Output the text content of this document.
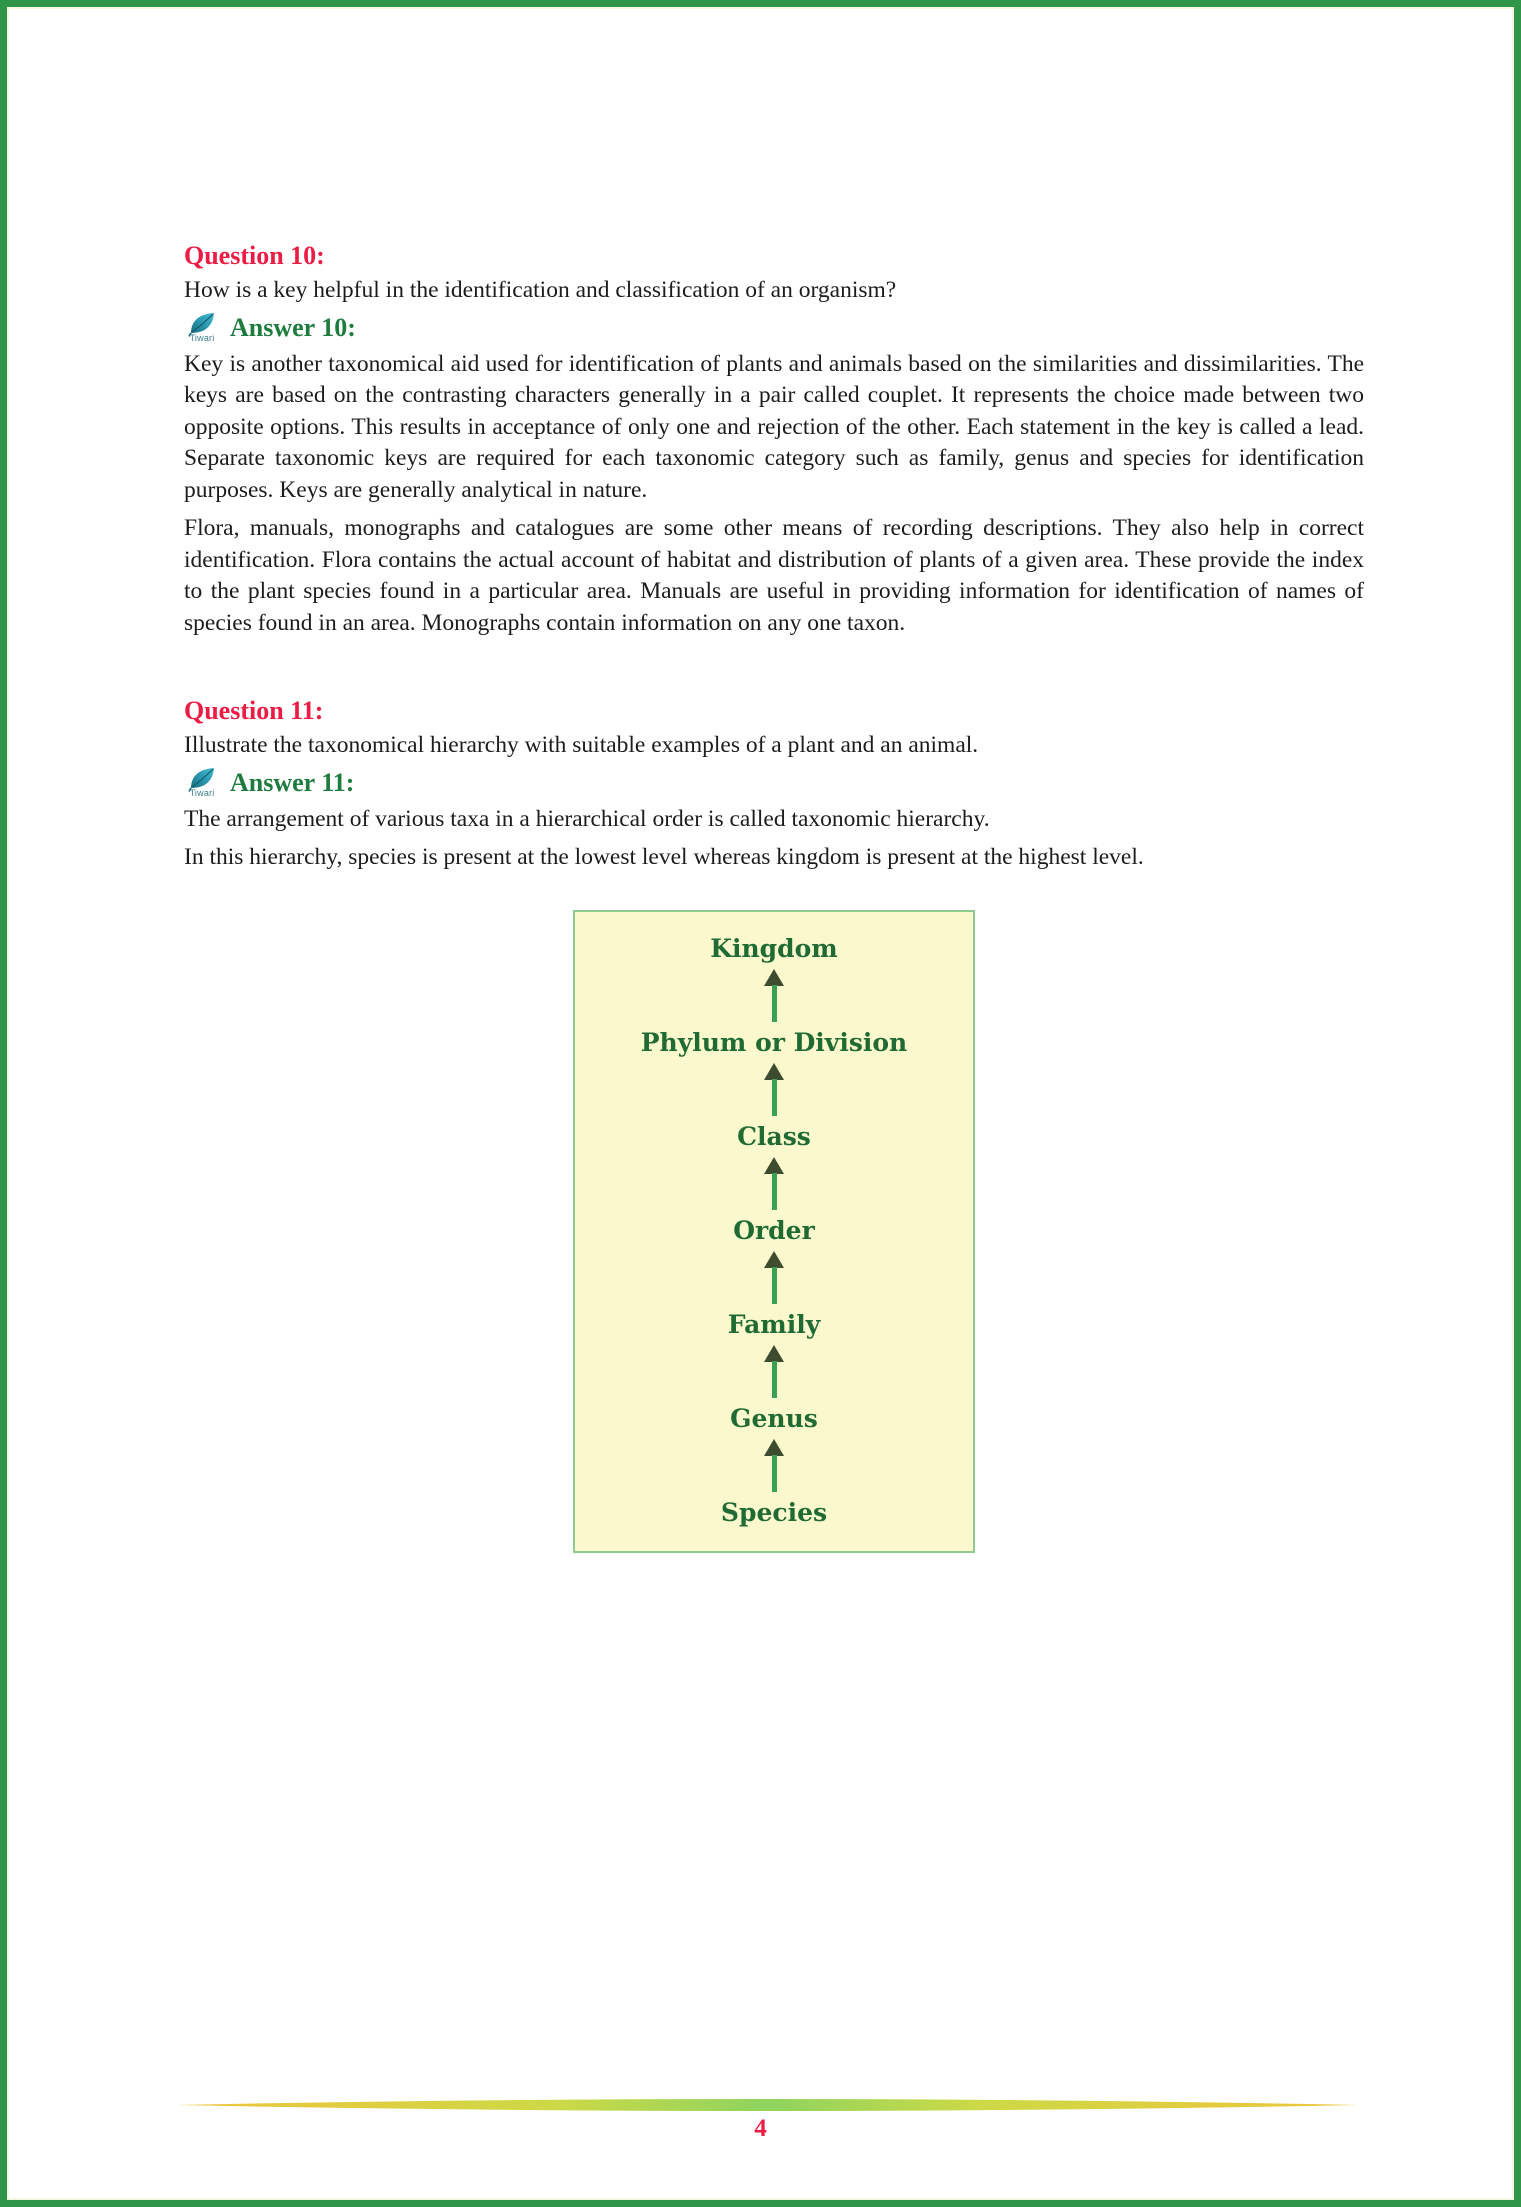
Question 10:

How is a key helpful in the identification and classification of an organism?

Tiwari Answer 10:

Key is another taxonomical aid used for identification of plants and animals based on the similarities and dissimilarities. The keys are based on the contrasting characters generally in a pair called couplet. It represents the choice made between two opposite options. This results in acceptance of only one and rejection of the other. Each statement in the key is called a lead. Separate taxonomic keys are required for each taxonomic category such as family, genus and species for identification purposes. Keys are generally analytical in nature.

Flora, manuals, monographs and catalogues are some other means of recording descriptions. They also help in correct identification. Flora contains the actual account of habitat and distribution of plants of a given area. These provide the index to the plant species found in a particular area. Manuals are useful in providing information for identification of names of species found in an area. Monographs contain information on any one taxon.

Question 11:

Illustrate the taxonomical hierarchy with suitable examples of a plant and an animal.

Tiwari Answer 11:

The arrangement of various taxa in a hierarchical order is called taxonomic hierarchy.

In this hierarchy, species is present at the lowest level whereas kingdom is present at the highest level.

Kingdom
Phylum or Division
Class
Order
Family
Genus
Species

4
